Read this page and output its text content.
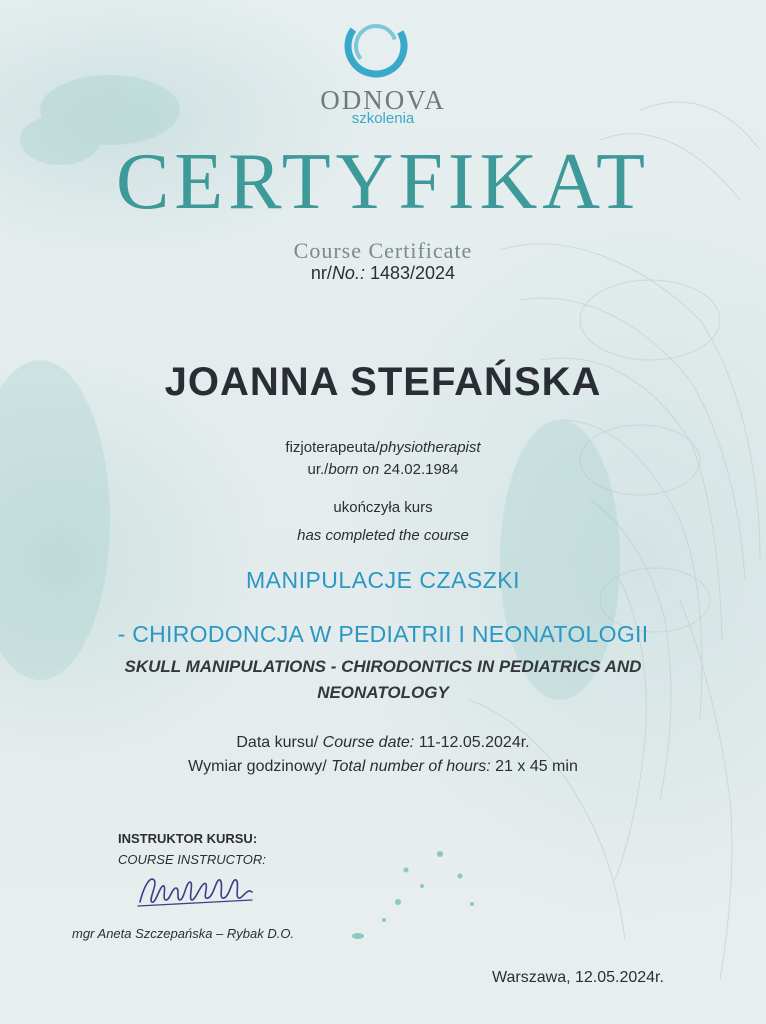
ODNOVA
szkolenia
CERTYFIKAT
Course Certificate
nr/No.: 1483/2024
JOANNA STEFAŃSKA
fizjoterapeuta/physiotherapist
ur./born on 24.02.1984
ukończyła kurs
has completed the course
MANIPULACJE CZASZKI
- CHIRODONCJA W PEDIATRII I NEONATOLOGII
SKULL MANIPULATIONS - CHIRODONTICS IN PEDIATRICS AND
NEONATOLOGY
Data kursu/ Course date: 11-12.05.2024r.
Wymiar godzinowy/ Total number of hours: 21 x 45 min
INSTRUKTOR KURSU:
COURSE INSTRUCTOR:
mgr Aneta Szczepańska – Rybak D.O.
Warszawa, 12.05.2024r.
